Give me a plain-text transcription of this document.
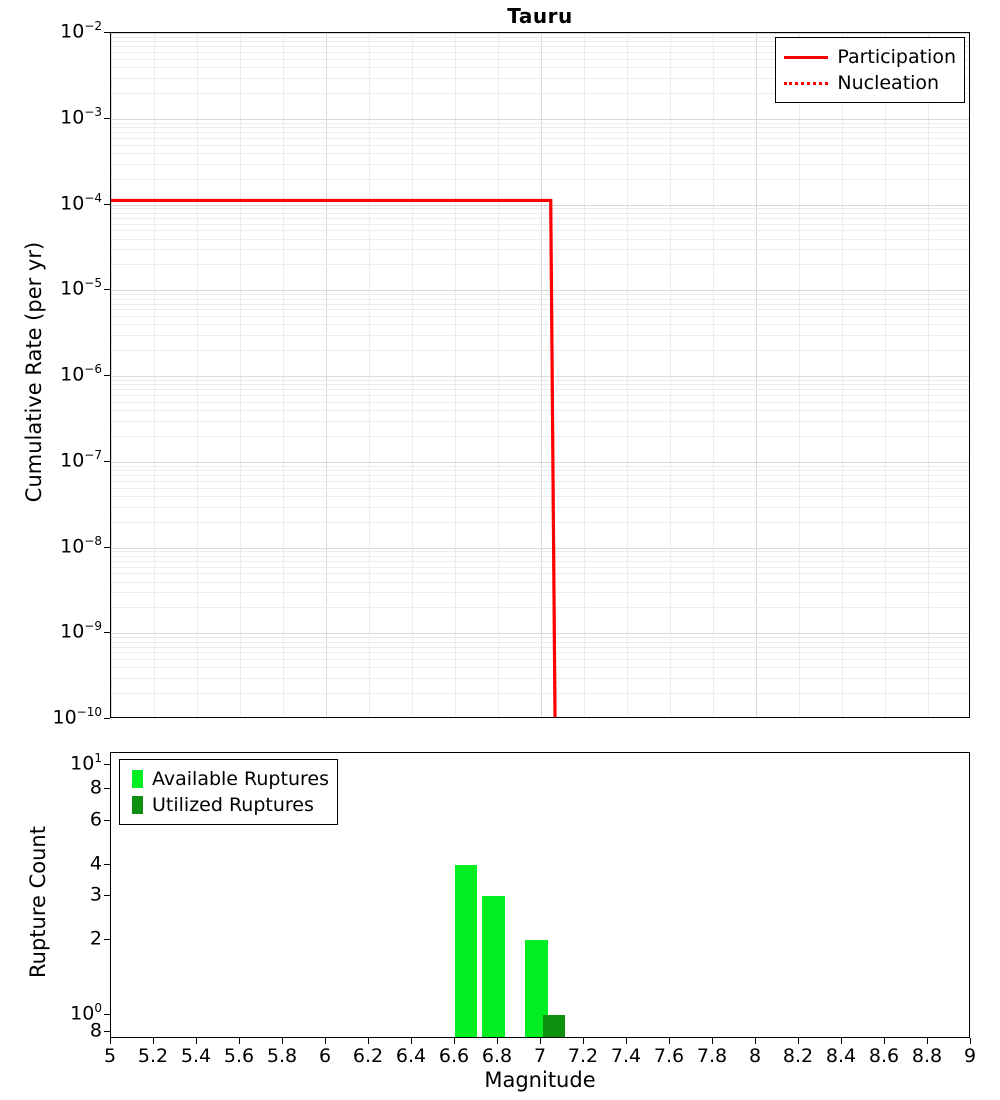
Tauru
Participation
Nucleation
Cumulative Rate (per yr)
Available Ruptures
Utilized Ruptures
Rupture Count
Magnitude
$10^{-2}$
$10^{-3}$
$10^{-4}$
$10^{-5}$
$10^{-6}$
$10^{-7}$
$10^{-8}$
$10^{-9}$
$10^{-10}$
$10^1$
8
6
4
3
2
$10^0$
8
5 5.2 5.4 5.6 5.8 6 6.2 6.4 6.6 6.8 7 7.2 7.4 7.6 7.8 8 8.2 8.4 8.6 8.8 9
